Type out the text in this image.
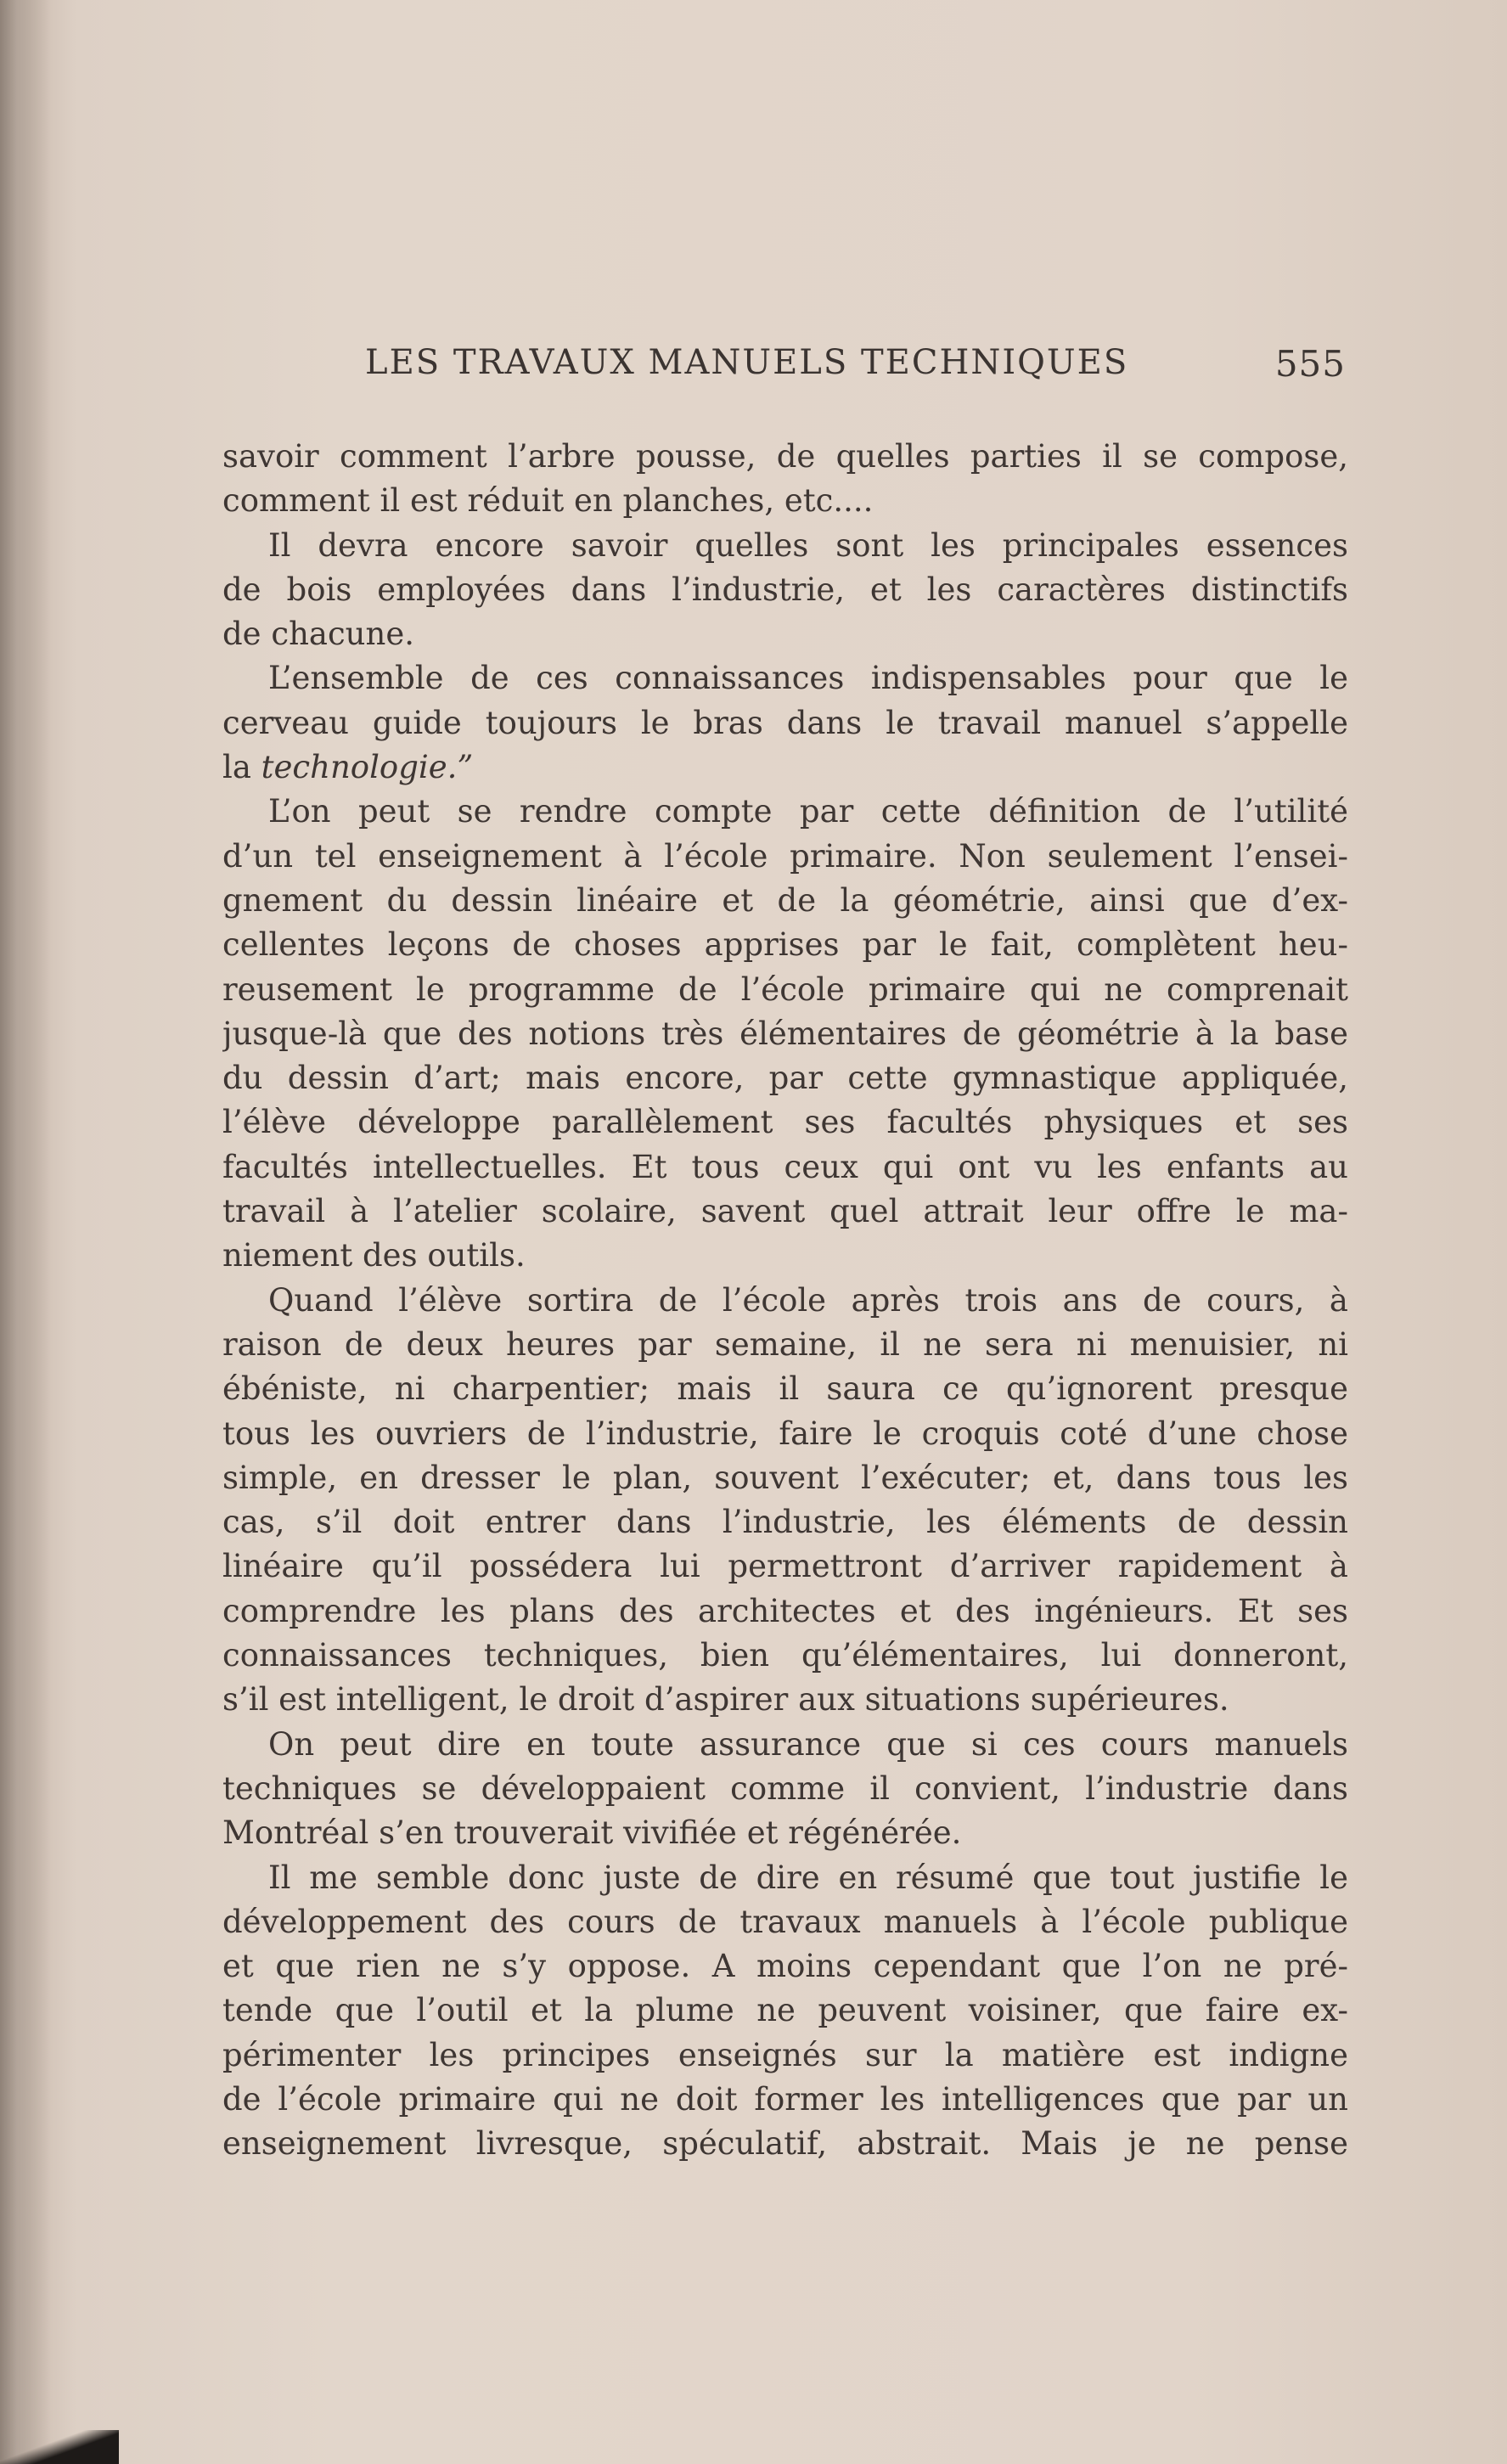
LES TRAVAUX MANUELS TECHNIQUES	555
savoir comment l’arbre pousse, de quelles parties il se compose,
comment il est réduit en planches, etc....
Il devra encore savoir quelles sont les principales essences
de bois employées dans l’industrie, et les caractères distinctifs
de chacune.
L’ensemble de ces connaissances indispensables pour que le
cerveau guide toujours le bras dans le travail manuel s’appelle
la technologie.”
L’on peut se rendre compte par cette définition de l’utilité
d’un tel enseignement à l’école primaire. Non seulement l’ensei-
gnement du dessin linéaire et de la géométrie, ainsi que d’ex-
cellentes leçons de choses apprises par le fait, complètent heu-
reusement le programme de l’école primaire qui ne comprenait
jusque-là que des notions très élémentaires de géométrie à la base
du dessin d’art; mais encore, par cette gymnastique appliquée,
l’élève développe parallèlement ses facultés physiques et ses
facultés intellectuelles. Et tous ceux qui ont vu les enfants au
travail à l’atelier scolaire, savent quel attrait leur offre le ma-
niement des outils.
Quand l’élève sortira de l’école après trois ans de cours, à
raison de deux heures par semaine, il ne sera ni menuisier, ni
ébéniste, ni charpentier; mais il saura ce qu’ignorent presque
tous les ouvriers de l’industrie, faire le croquis coté d’une chose
simple, en dresser le plan, souvent l’exécuter; et, dans tous les
cas, s’il doit entrer dans l’industrie, les éléments de dessin
linéaire qu’il possédera lui permettront d’arriver rapidement à
comprendre les plans des architectes et des ingénieurs. Et ses
connaissances techniques, bien qu’élémentaires, lui donneront,
s’il est intelligent, le droit d’aspirer aux situations supérieures.
On peut dire en toute assurance que si ces cours manuels
techniques se développaient comme il convient, l’industrie dans
Montréal s’en trouverait vivifiée et régénérée.
Il me semble donc juste de dire en résumé que tout justifie le
développement des cours de travaux manuels à l’école publique
et que rien ne s’y oppose. A moins cependant que l’on ne pré-
tende que l’outil et la plume ne peuvent voisiner, que faire ex-
périmenter les principes enseignés sur la matière est indigne
de l’école primaire qui ne doit former les intelligences que par un
enseignement livresque, spéculatif, abstrait. Mais je ne pense
